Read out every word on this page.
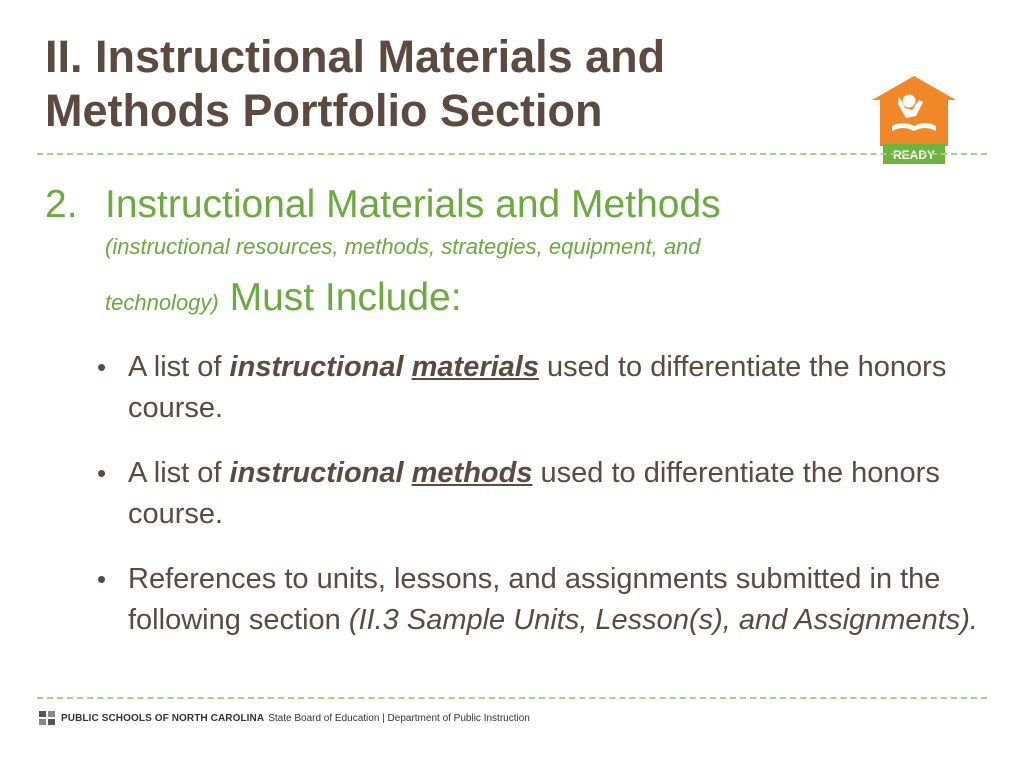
II. Instructional Materials and
Methods Portfolio Section
READY
2. Instructional Materials and Methods
(instructional resources, methods, strategies, equipment, and
technology) Must Include:
• A list of instructional materials used to differentiate the honors course.
• A list of instructional methods used to differentiate the honors course.
• References to units, lessons, and assignments submitted in the following section (II.3 Sample Units, Lesson(s), and Assignments).
PUBLIC SCHOOLS OF NORTH CAROLINA State Board of Education | Department of Public Instruction
